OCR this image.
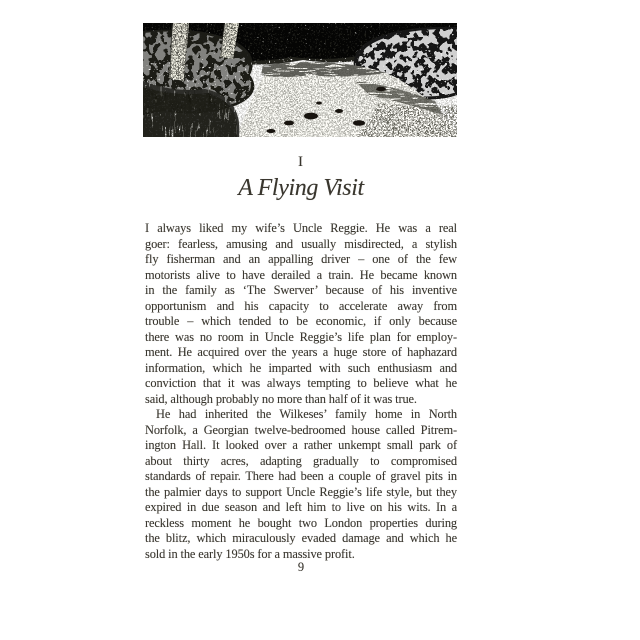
I
A Flying Visit
I always liked my wife’s Uncle Reggie. He was a real
goer: fearless, amusing and usually misdirected, a stylish
fly fisherman and an appalling driver – one of the few
motorists alive to have derailed a train. He became known
in the family as ‘The Swerver’ because of his inventive
opportunism and his capacity to accelerate away from
trouble – which tended to be economic, if only because
there was no room in Uncle Reggie’s life plan for employ-
ment. He acquired over the years a huge store of haphazard
information, which he imparted with such enthusiasm and
conviction that it was always tempting to believe what he
said, although probably no more than half of it was true.
He had inherited the Wilkeses’ family home in North
Norfolk, a Georgian twelve-bedroomed house called Pitrem-
ington Hall. It looked over a rather unkempt small park of
about thirty acres, adapting gradually to compromised
standards of repair. There had been a couple of gravel pits in
the palmier days to support Uncle Reggie’s life style, but they
expired in due season and left him to live on his wits. In a
reckless moment he bought two London properties during
the blitz, which miraculously evaded damage and which he
sold in the early 1950s for a massive profit.
9
